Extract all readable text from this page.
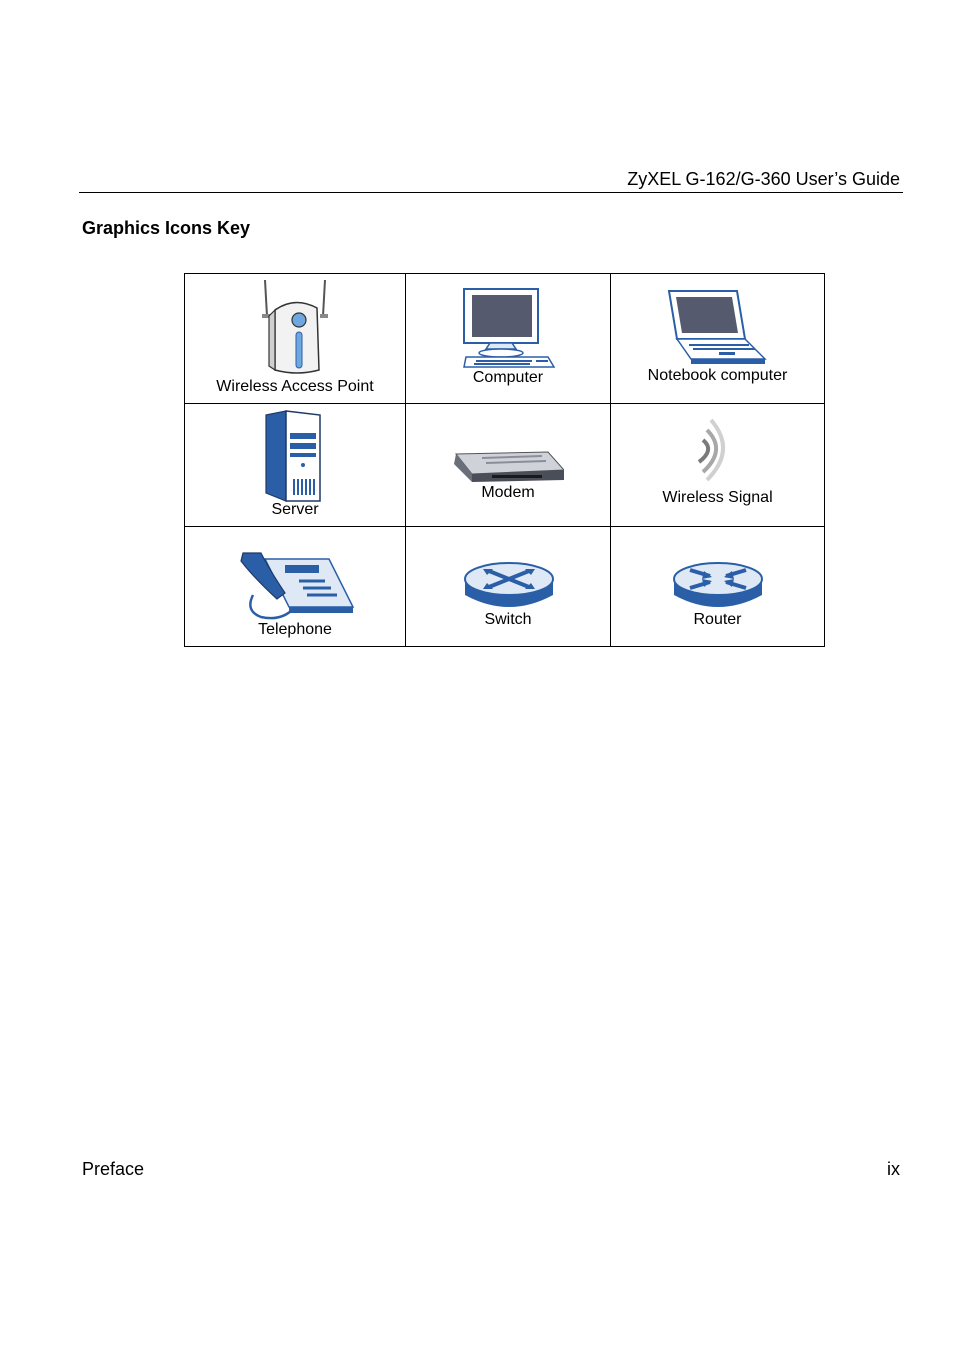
ZyXEL G-162/G-360 User’s Guide
Graphics Icons Key
Wireless Access Point	Computer	Notebook computer

Server	Modem	Wireless Signal

Telephone	Switch	Router
Preface	ix
